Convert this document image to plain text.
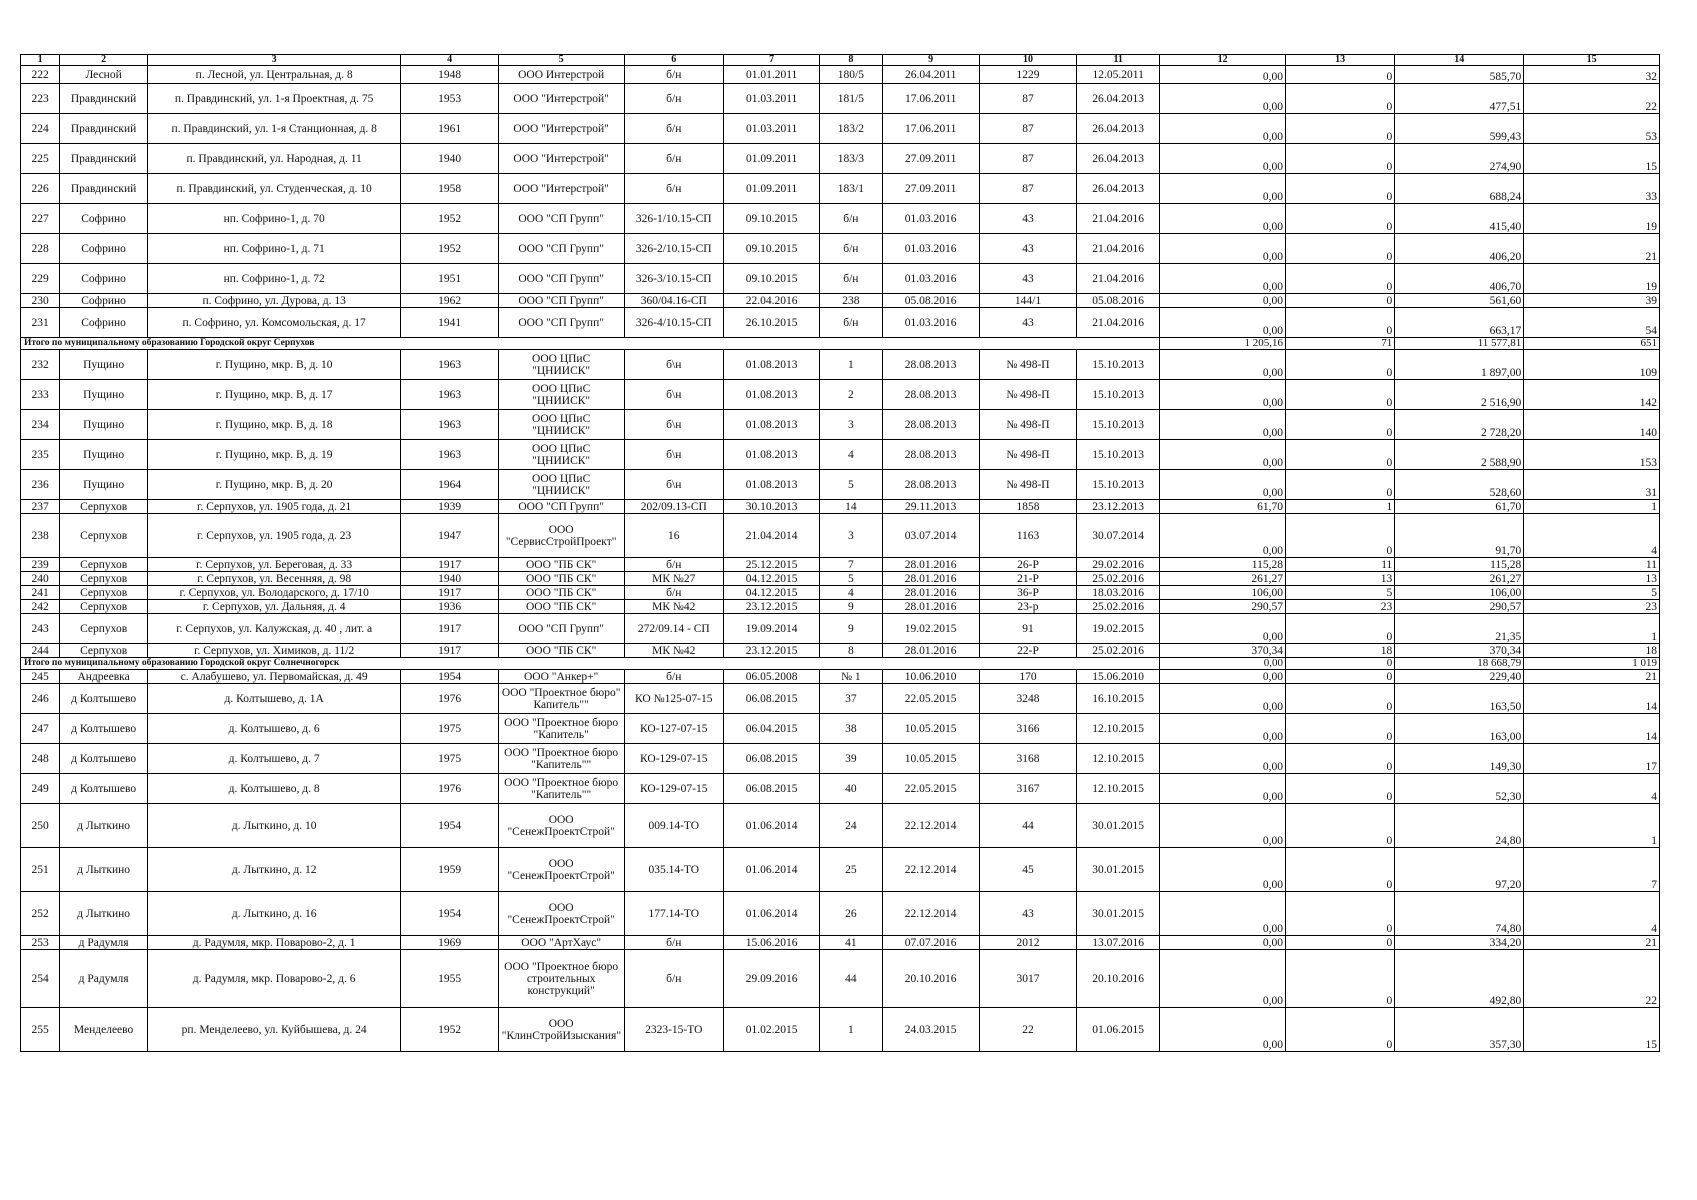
1	2	3	4	5	6	7	8	9	10	11	12	13	14	15
222	Лесной	п. Лесной, ул. Центральная, д. 8	1948	ООО Интерстрой	б/н	01.01.2011	180/5	26.04.2011	1229	12.05.2011	0,00	0	585,70	32
223	Правдинский	п. Правдинский, ул. 1-я Проектная, д. 75	1953	ООО "Интерстрой"	б/н	01.03.2011	181/5	17.06.2011	87	26.04.2013	0,00	0	477,51	22
224	Правдинский	п. Правдинский, ул. 1-я Станционная, д. 8	1961	ООО "Интерстрой"	б/н	01.03.2011	183/2	17.06.2011	87	26.04.2013	0,00	0	599,43	53
225	Правдинский	п. Правдинский, ул. Народная, д. 11	1940	ООО "Интерстрой"	б/н	01.09.2011	183/3	27.09.2011	87	26.04.2013	0,00	0	274,90	15
226	Правдинский	п. Правдинский, ул. Студенческая, д. 10	1958	ООО "Интерстрой"	б/н	01.09.2011	183/1	27.09.2011	87	26.04.2013	0,00	0	688,24	33
227	Софрино	нп. Софрино-1, д. 70	1952	ООО "СП Групп"	326-1/10.15-СП	09.10.2015	б/н	01.03.2016	43	21.04.2016	0,00	0	415,40	19
228	Софрино	нп. Софрино-1, д. 71	1952	ООО "СП Групп"	326-2/10.15-СП	09.10.2015	б/н	01.03.2016	43	21.04.2016	0,00	0	406,20	21
229	Софрино	нп. Софрино-1, д. 72	1951	ООО "СП Групп"	326-3/10.15-СП	09.10.2015	б/н	01.03.2016	43	21.04.2016	0,00	0	406,70	19
230	Софрино	п. Софрино, ул. Дурова, д. 13	1962	ООО "СП Групп"	360/04.16-СП	22.04.2016	238	05.08.2016	144/1	05.08.2016	0,00	0	561,60	39
231	Софрино	п. Софрино, ул. Комсомольская, д. 17	1941	ООО "СП Групп"	326-4/10.15-СП	26.10.2015	б/н	01.03.2016	43	21.04.2016	0,00	0	663,17	54
Итого по муниципальному образованию Городской округ Серпухов											1 205,16	71	11 577,81	651
232	Пущино	г. Пущино, мкр. В, д. 10	1963	ООО ЦПиС "ЦНИИСК"	б\н	01.08.2013	1	28.08.2013	№ 498-П	15.10.2013	0,00	0	1 897,00	109
233	Пущино	г. Пущино, мкр. В, д. 17	1963	ООО ЦПиС "ЦНИИСК"	б\н	01.08.2013	2	28.08.2013	№ 498-П	15.10.2013	0,00	0	2 516,90	142
234	Пущино	г. Пущино, мкр. В, д. 18	1963	ООО ЦПиС "ЦНИИСК"	б\н	01.08.2013	3	28.08.2013	№ 498-П	15.10.2013	0,00	0	2 728,20	140
235	Пущино	г. Пущино, мкр. В, д. 19	1963	ООО ЦПиС "ЦНИИСК"	б\н	01.08.2013	4	28.08.2013	№ 498-П	15.10.2013	0,00	0	2 588,90	153
236	Пущино	г. Пущино, мкр. В, д. 20	1964	ООО ЦПиС "ЦНИИСК"	б\н	01.08.2013	5	28.08.2013	№ 498-П	15.10.2013	0,00	0	528,60	31
237	Серпухов	г. Серпухов, ул. 1905 года, д. 21	1939	ООО "СП Групп"	202/09.13-СП	30.10.2013	14	29.11.2013	1858	23.12.2013	61,70	1	61,70	1
238	Серпухов	г. Серпухов, ул. 1905 года, д. 23	1947	ООО "СервисСтройПроект"	16	21.04.2014	3	03.07.2014	1163	30.07.2014	0,00	0	91,70	4
239	Серпухов	г. Серпухов, ул. Береговая, д. 33	1917	ООО "ПБ СК"	б/н	25.12.2015	7	28.01.2016	26-Р	29.02.2016	115,28	11	115,28	11
240	Серпухов	г. Серпухов, ул. Весенняя, д. 98	1940	ООО "ПБ СК"	МК №27	04.12.2015	5	28.01.2016	21-Р	25.02.2016	261,27	13	261,27	13
241	Серпухов	г. Серпухов, ул. Володарского, д. 17/10	1917	ООО "ПБ СК"	б/н	04.12.2015	4	28.01.2016	36-Р	18.03.2016	106,00	5	106,00	5
242	Серпухов	г. Серпухов, ул. Дальняя, д. 4	1936	ООО "ПБ СК"	МК №42	23.12.2015	9	28.01.2016	23-р	25.02.2016	290,57	23	290,57	23
243	Серпухов	г. Серпухов, ул. Калужская, д. 40 , лит. а	1917	ООО "СП Групп"	272/09.14 - СП	19.09.2014	9	19.02.2015	91	19.02.2015	0,00	0	21,35	1
244	Серпухов	г. Серпухов, ул. Химиков, д. 11/2	1917	ООО "ПБ СК"	МК №42	23.12.2015	8	28.01.2016	22-Р	25.02.2016	370,34	18	370,34	18
Итого по муниципальному образованию Городской округ Солнечногорск											0,00	0	18 668,79	1 019
245	Андреевка	с. Алабушево, ул. Первомайская, д. 49	1954	ООО "Анкер+"	б/н	06.05.2008	№ 1	10.06.2010	170	15.06.2010	0,00	0	229,40	21
246	д Колтышево	д. Колтышево, д. 1А	1976	ООО "Проектное бюро" Капитель""	КО №125-07-15	06.08.2015	37	22.05.2015	3248	16.10.2015	0,00	0	163,50	14
247	д Колтышево	д. Колтышево, д. 6	1975	ООО "Проектное бюро "Капитель"	КО-127-07-15	06.04.2015	38	10.05.2015	3166	12.10.2015	0,00	0	163,00	14
248	д Колтышево	д. Колтышево, д. 7	1975	ООО "Проектное бюро "Капитель""	КО-129-07-15	06.08.2015	39	10.05.2015	3168	12.10.2015	0,00	0	149,30	17
249	д Колтышево	д. Колтышево, д. 8	1976	ООО "Проектное бюро "Капитель""	КО-129-07-15	06.08.2015	40	22.05.2015	3167	12.10.2015	0,00	0	52,30	4
250	д Лыткино	д. Лыткино, д. 10	1954	ООО "СенежПроектСтрой"	009.14-ТО	01.06.2014	24	22.12.2014	44	30.01.2015	0,00	0	24,80	1
251	д Лыткино	д. Лыткино, д. 12	1959	ООО "СенежПроектСтрой"	035.14-ТО	01.06.2014	25	22.12.2014	45	30.01.2015	0,00	0	97,20	7
252	д Лыткино	д. Лыткино, д. 16	1954	ООО "СенежПроектСтрой"	177.14-ТО	01.06.2014	26	22.12.2014	43	30.01.2015	0,00	0	74,80	4
253	д Радумля	д. Радумля, мкр. Поварово-2, д. 1	1969	ООО "АртХаус"	б/н	15.06.2016	41	07.07.2016	2012	13.07.2016	0,00	0	334,20	21
254	д Радумля	д. Радумля, мкр. Поварово-2, д. 6	1955	ООО "Проектное бюро строительных конструкций"	б/н	29.09.2016	44	20.10.2016	3017	20.10.2016	0,00	0	492,80	22
255	Менделеево	рп. Менделеево, ул. Куйбышева, д. 24	1952	ООО "КлинСтройИзыскания"	2323-15-ТО	01.02.2015	1	24.03.2015	22	01.06.2015	0,00	0	357,30	15
